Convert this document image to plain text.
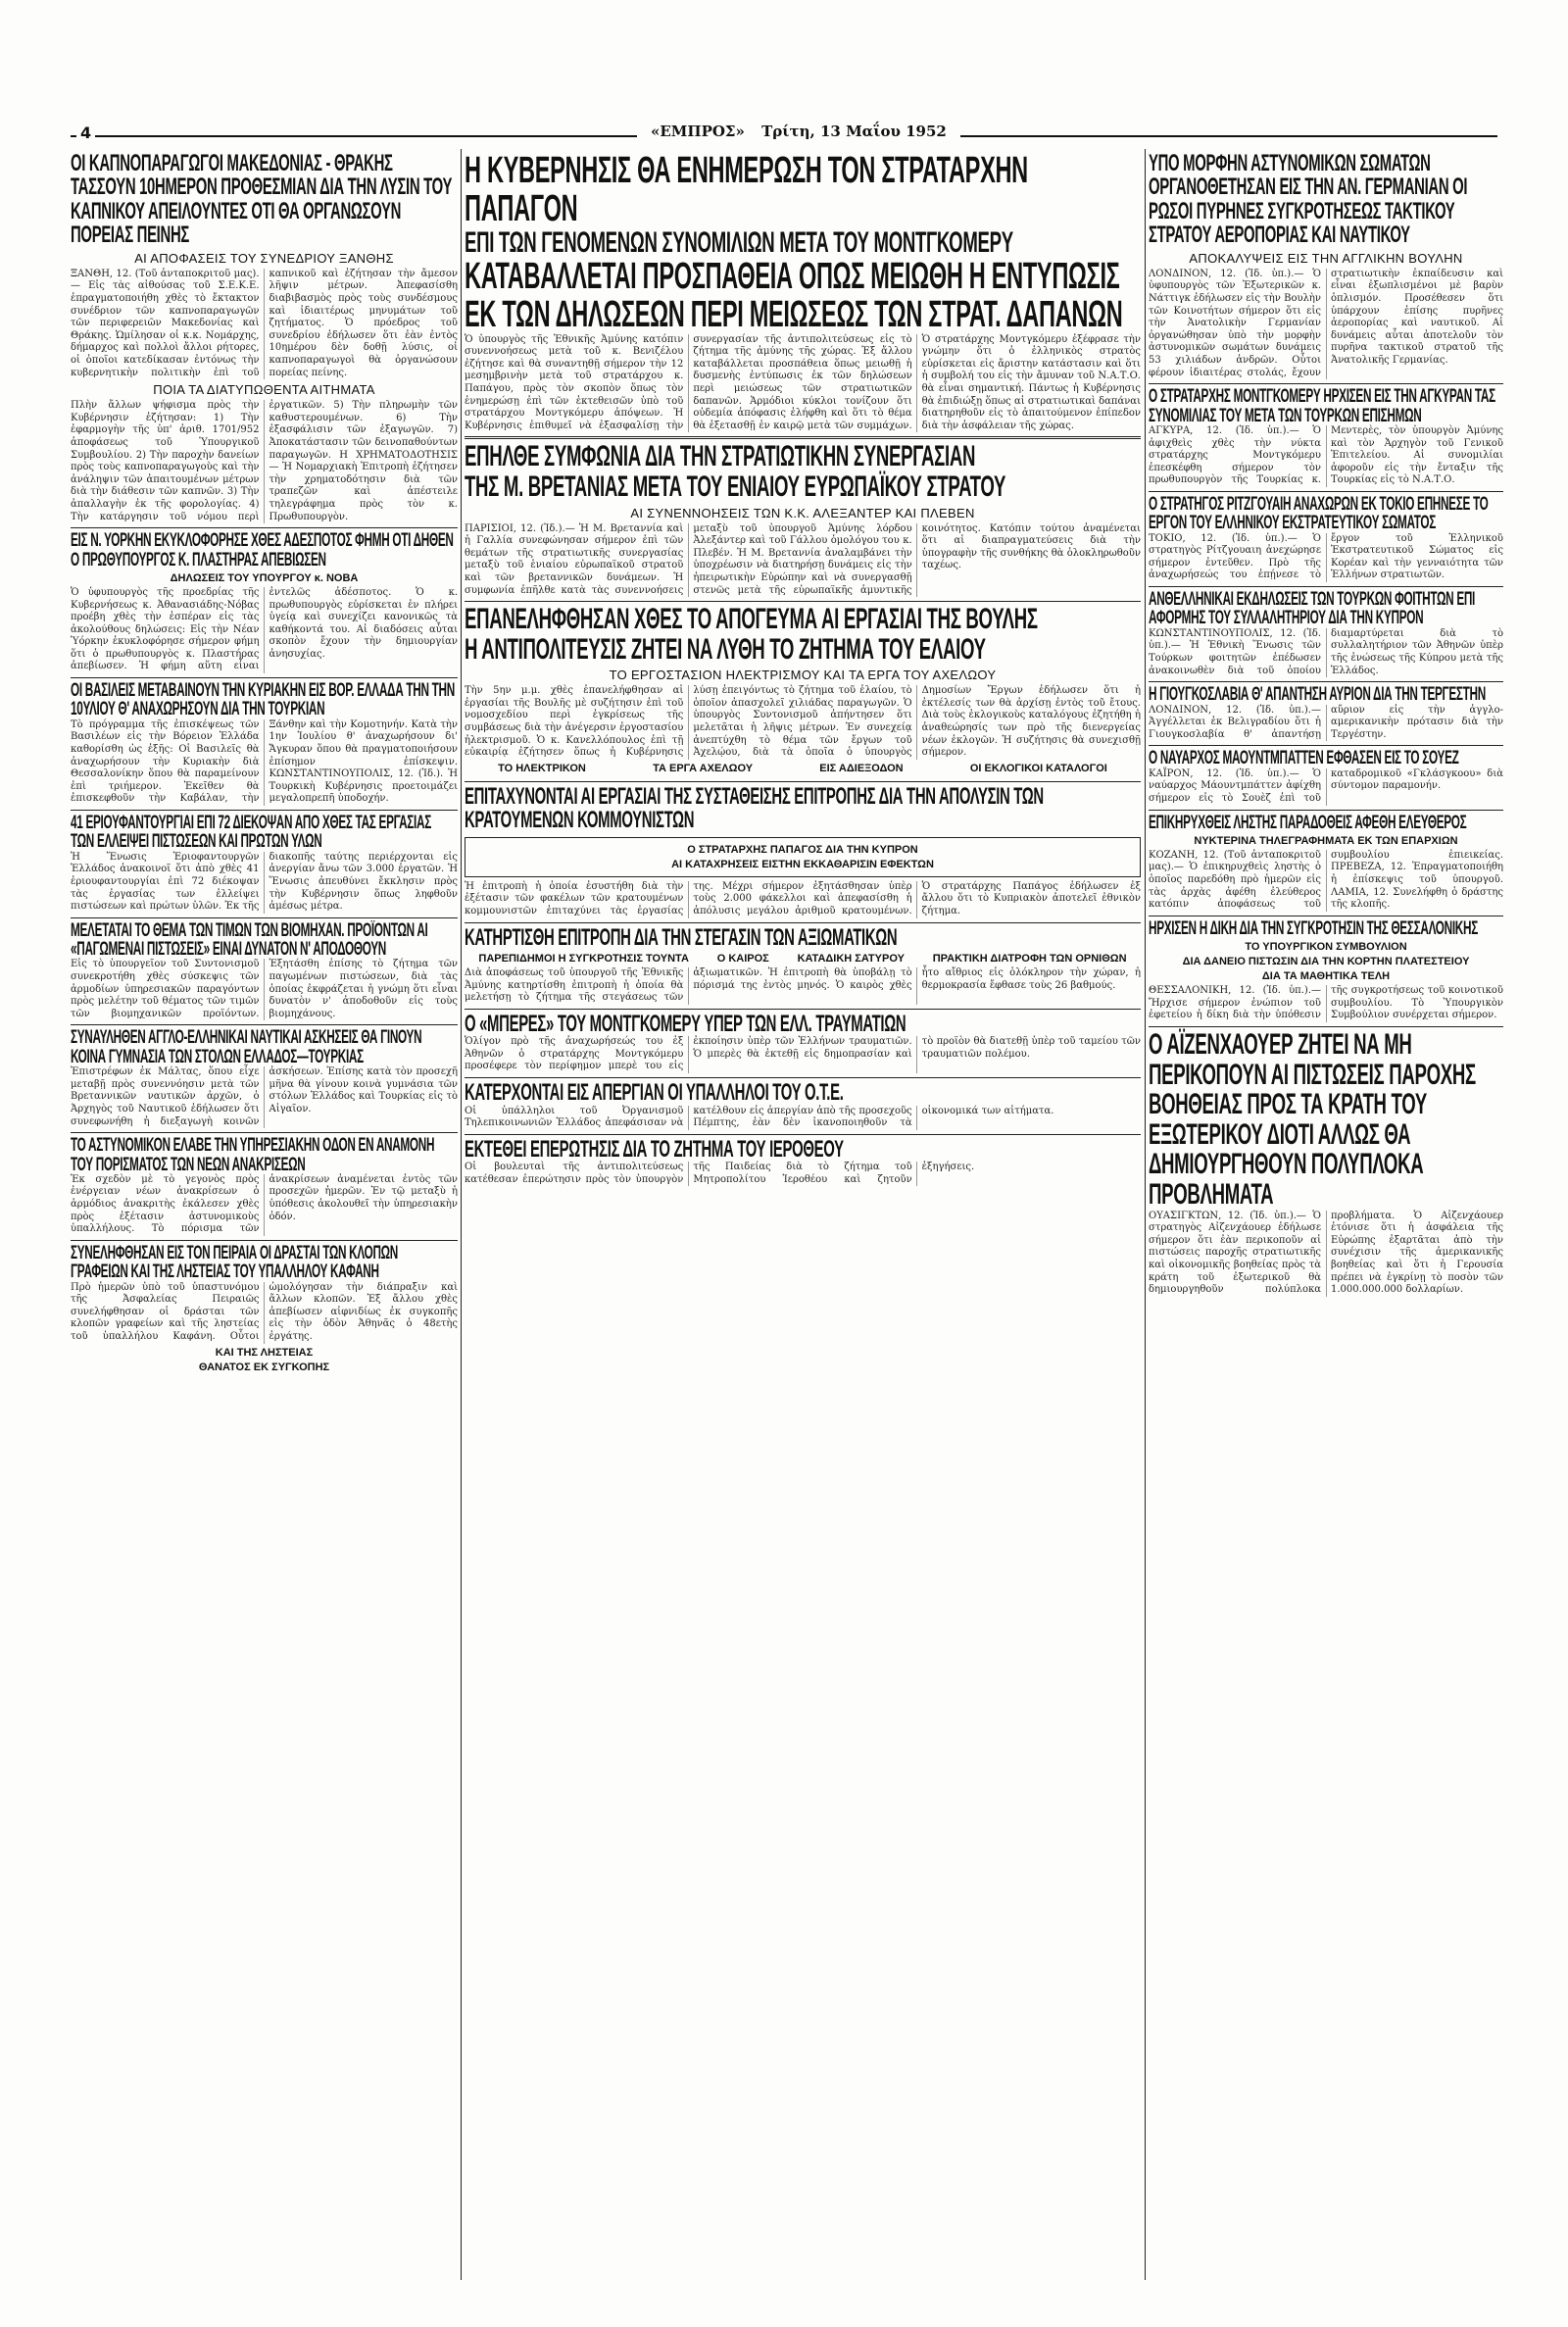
4	«ΕΜΠΡΟΣ» Τρίτη, 13 Μαΐου 1952
ΟΙ ΚΑΠΝΟΠΑΡΑΓΩΓΟΙ ΜΑΚΕΔΟΝΙΑΣ - ΘΡΑΚΗΣ ΤΑΣΣΟΥΝ 10ΗΜΕΡΟΝ ΠΡΟΘΕΣΜΙΑΝ ΔΙΑ ΤΗΝ ΛΥΣΙΝ ΤΟΥ ΚΑΠΝΙΚΟΥ ΑΠΕΙΛΟΥΝΤΕΣ ΟΤΙ ΘΑ ΟΡΓΑΝΩΣΟΥΝ ΠΟΡΕΙΑΣ ΠΕΙΝΗΣ
ΑΙ ΑΠΟΦΑΣΕΙΣ ΤΟΥ ΣΥΝΕΔΡΙΟΥ ΞΑΝΘΗΣ
ΞΑΝΘΗ, 12. (Τοῦ ἀνταποκριτοῦ μας).— Εἰς τὰς αἰθούσας τοῦ Σ.Ε.Κ.Ε. ἐπραγματοποιήθη χθὲς τὸ ἔκτακτον συνέδριον τῶν καπνοπαραγωγῶν τῶν περιφερειῶν Μακεδονίας καὶ Θράκης. Ὡμίλησαν οἱ κ.κ. Νομάρχης, δήμαρχος καὶ πολλοὶ ἄλλοι ρήτορες, οἱ ὁποῖοι κατεδίκασαν ἐντόνως τὴν κυβερνητικὴν πολιτικὴν ἐπὶ τοῦ καπνικοῦ καὶ ἐζήτησαν τὴν ἄμεσον λῆψιν μέτρων. Ἀπεφασίσθη διαβιβασμὸς πρὸς τοὺς συνδέσμους καὶ ἰδιαιτέρως μηνυμάτων τοῦ ζητήματος. Ὁ πρόεδρος τοῦ συνεδρίου ἐδήλωσεν ὅτι ἐὰν ἐντὸς 10ημέρου δὲν δοθῇ λύσις, οἱ καπνοπαραγωγοὶ θὰ ὀργανώσουν πορείας πείνης.
ΠΟΙΑ ΤΑ ΔΙΑΤΥΠΩΘΕΝΤΑ ΑΙΤΗΜΑΤΑ
Πλὴν ἄλλων ψήφισμα πρὸς τὴν Κυβέρνησιν ἐζήτησαν: 1) Τὴν ἐφαρμογὴν τῆς ὑπ' ἀριθ. 1701/952 ἀποφάσεως τοῦ Ὑπουργικοῦ Συμβουλίου. 2) Τὴν παροχὴν δανείων πρὸς τοὺς καπνοπαραγωγοὺς καὶ τὴν ἀνάληψιν τῶν ἀπαιτουμένων μέτρων διὰ τὴν διάθεσιν τῶν καπνῶν. 3) Τὴν ἀπαλλαγὴν ἐκ τῆς φορολογίας. 4) Τὴν κατάργησιν τοῦ νόμου περὶ ἐργατικῶν. 5) Τὴν πληρωμὴν τῶν καθυστερουμένων. 6) Τὴν ἐξασφάλισιν τῶν ἐξαγωγῶν. 7) Ἀποκατάστασιν τῶν δεινοπαθούντων παραγωγῶν. Η ΧΡΗΜΑΤΟΔΟΤΗΣΙΣ — Ἡ Νομαρχιακὴ Ἐπιτροπὴ ἐζήτησεν τὴν χρηματοδότησιν διὰ τῶν τραπεζῶν καὶ ἀπέστειλε τηλεγράφημα πρὸς τὸν κ. Πρωθυπουργὸν.
ΕΙΣ Ν. ΥΟΡΚΗΝ ΕΚΥΚΛΟΦΟΡΗΣΕ ΧΘΕΣ ΑΔΕΣΠΟΤΟΣ ΦΗΜΗ ΟΤΙ ΔΗΘΕΝ Ο ΠΡΩΘΥΠΟΥΡΓΟΣ Κ. ΠΛΑΣΤΗΡΑΣ ΑΠΕΒΙΩΣΕΝ
ΔΗΛΩΣΕΙΣ ΤΟΥ ΥΠΟΥΡΓΟΥ κ. ΝΟΒΑ
Ὁ ὑφυπουργὸς τῆς προεδρίας τῆς Κυβερνήσεως κ. Ἀθανασιάδης-Νόβας προέβη χθὲς τὴν ἑσπέραν εἰς τὰς ἀκολούθους δηλώσεις: Εἰς τὴν Νέαν Ὑόρκην ἐκυκλοφόρησε σήμερον φήμη ὅτι ὁ πρωθυπουργὸς κ. Πλαστήρας ἀπεβίωσεν. Ἡ φήμη αὕτη εἶναι ἐντελῶς ἀδέσποτος. Ὁ κ. πρωθυπουργὸς εὑρίσκεται ἐν πλήρει ὑγείᾳ καὶ συνεχίζει κανονικῶς τὰ καθήκοντά του. Αἱ διαδόσεις αὗται σκοπὸν ἔχουν τὴν δημιουργίαν ἀνησυχίας.
ΟΙ ΒΑΣΙΛΕΙΣ ΜΕΤΑΒΑΙΝΟΥΝ ΤΗΝ ΚΥΡΙΑΚΗΝ ΕΙΣ ΒΟΡ. ΕΛΛΑΔΑ ΤΗΝ ΤΗΝ 10ΥΛΙΟΥ Θ' ΑΝΑΧΩΡΗΣΟΥΝ ΔΙΑ ΤΗΝ ΤΟΥΡΚΙΑΝ
Τὸ πρόγραμμα τῆς ἐπισκέψεως τῶν Βασιλέων εἰς τὴν Βόρειον Ἑλλάδα καθορίσθη ὡς ἑξῆς: Οἱ Βασιλεῖς θὰ ἀναχωρήσουν τὴν Κυριακὴν διὰ Θεσσαλονίκην ὅπου θὰ παραμείνουν ἐπὶ τριήμερον. Ἐκεῖθεν θὰ ἐπισκεφθοῦν τὴν Καβάλαν, τὴν Ξάνθην καὶ τὴν Κομοτηνήν. Κατὰ τὴν 1ην Ἰουλίου θ' ἀναχωρήσουν δι' Ἄγκυραν ὅπου θὰ πραγματοποιήσουν ἐπίσημον ἐπίσκεψιν. ΚΩΝΣΤΑΝΤΙΝΟΥΠΟΛΙΣ, 12. (Ἰδ.). Ἡ Τουρκικὴ Κυβέρνησις προετοιμάζει μεγαλοπρεπῆ ὑποδοχήν.
41 ΕΡΙΟΥΦΑΝΤΟΥΡΓΙΑΙ ΕΠΙ 72 ΔΙΕΚΟΨΑΝ ΑΠΟ ΧΘΕΣ ΤΑΣ ΕΡΓΑΣΙΑΣ ΤΩΝ ΕΛΛΕΙΨΕΙ ΠΙΣΤΩΣΕΩΝ ΚΑΙ ΠΡΩΤΩΝ ΥΛΩΝ
Ἡ Ἕνωσις Ἐριοφαντουργῶν Ἑλλάδος ἀνακοινοῖ ὅτι ἀπὸ χθὲς 41 ἐριουφαντουργίαι ἐπὶ 72 διέκοψαν τὰς ἐργασίας των ἐλλείψει πιστώσεων καὶ πρώτων ὑλῶν. Ἐκ τῆς διακοπῆς ταύτης περιέρχονται εἰς ἀνεργίαν ἄνω τῶν 3.000 ἐργατῶν. Ἡ Ἕνωσις ἀπευθύνει ἔκκλησιν πρὸς τὴν Κυβέρνησιν ὅπως ληφθοῦν ἀμέσως μέτρα.
ΜΕΛΕΤΑΤΑΙ ΤΟ ΘΕΜΑ ΤΩΝ ΤΙΜΩΝ ΤΩΝ ΒΙΟΜΗΧΑΝ. ΠΡΟΪΟΝΤΩΝ ΑΙ «ΠΑΓΩΜΕΝΑΙ ΠΙΣΤΩΣΕΙΣ» ΕΙΝΑΙ ΔΥΝΑΤΟΝ Ν' ΑΠΟΔΟΘΟΥΝ
Εἰς τὸ ὑπουργεῖον τοῦ Συντονισμοῦ συνεκροτήθη χθὲς σύσκεψις τῶν ἁρμοδίων ὑπηρεσιακῶν παραγόντων πρὸς μελέτην τοῦ θέματος τῶν τιμῶν τῶν βιομηχανικῶν προϊόντων. Ἐξητάσθη ἐπίσης τὸ ζήτημα τῶν παγωμένων πιστώσεων, διὰ τὰς ὁποίας ἐκφράζεται ἡ γνώμη ὅτι εἶναι δυνατὸν ν' ἀποδοθοῦν εἰς τοὺς βιομηχάνους.
ΣΥΝΑΥΛΗΘΕΝ ΑΓΓΛΟ-ΕΛΛΗΝΙΚΑΙ ΝΑΥΤΙΚΑΙ ΑΣΚΗΣΕΙΣ ΘΑ ΓΙΝΟΥΝ ΚΟΙΝΑ ΓΥΜΝΑΣΙΑ ΤΩΝ ΣΤΟΛΩΝ ΕΛΛΑΔΟΣ—ΤΟΥΡΚΙΑΣ
Ἐπιστρέφων ἐκ Μάλτας, ὅπου εἶχε μεταβῇ πρὸς συνεννόησιν μετὰ τῶν Βρεταννικῶν ναυτικῶν ἀρχῶν, ὁ Ἀρχηγὸς τοῦ Ναυτικοῦ ἐδήλωσεν ὅτι συνεφωνήθη ἡ διεξαγωγὴ κοινῶν ἀσκήσεων. Ἐπίσης κατὰ τὸν προσεχῆ μῆνα θὰ γίνουν κοινὰ γυμνάσια τῶν στόλων Ἑλλάδος καὶ Τουρκίας εἰς τὸ Αἰγαῖον.
ΤΟ ΑΣΤΥΝΟΜΙΚΟΝ ΕΛΑΒΕ ΤΗΝ ΥΠΗΡΕΣΙΑΚΗΝ ΟΔΟΝ ΕΝ ΑΝΑΜΟΝΗ ΤΟΥ ΠΟΡΙΣΜΑΤΟΣ ΤΩΝ ΝΕΩΝ ΑΝΑΚΡΙΣΕΩΝ
Ἐκ σχεδὸν μὲ τὸ γεγονὸς πρὸς ἐνέργειαν νέων ἀνακρίσεων ὁ ἁρμόδιος ἀνακριτὴς ἐκάλεσεν χθὲς πρὸς ἐξέτασιν ἀστυνομικοὺς ὑπαλλήλους. Τὸ πόρισμα τῶν ἀνακρίσεων ἀναμένεται ἐντὸς τῶν προσεχῶν ἡμερῶν. Ἐν τῷ μεταξὺ ἡ ὑπόθεσις ἀκολουθεῖ τὴν ὑπηρεσιακὴν ὁδόν.
ΣΥΝΕΛΗΦΘΗΣΑΝ ΕΙΣ ΤΟΝ ΠΕΙΡΑΙΑ ΟΙ ΔΡΑΣΤΑΙ ΤΩΝ ΚΛΟΠΩΝ ΓΡΑΦΕΙΩΝ ΚΑΙ ΤΗΣ ΛΗΣΤΕΙΑΣ ΤΟΥ ΥΠΑΛΛΗΛΟΥ ΚΑΦΑΝΗ
Πρὸ ἡμερῶν ὑπὸ τοῦ ὑπαστυνόμου τῆς Ἀσφαλείας Πειραιῶς συνελήφθησαν οἱ δράσται τῶν κλοπῶν γραφείων καὶ τῆς ληστείας τοῦ ὑπαλλήλου Καφάνη. Οὗτοι ὡμολόγησαν τὴν διάπραξιν καὶ ἄλλων κλοπῶν. Ἐξ ἄλλου χθὲς ἀπεβίωσεν αἰφνιδίως ἐκ συγκοπῆς εἰς τὴν ὁδὸν Ἀθηνᾶς ὁ 48ετὴς ἐργάτης.
ΚΑΙ ΤΗΣ ΛΗΣΤΕΙΑΣ
ΘΑΝΑΤΟΣ ΕΚ ΣΥΓΚΟΠΗΣ
Η ΚΥΒΕΡΝΗΣΙΣ ΘΑ ΕΝΗΜΕΡΩΣΗ ΤΟΝ ΣΤΡΑΤΑΡΧΗΝ ΠΑΠΑΓΟΝ
ΕΠΙ ΤΩΝ ΓΕΝΟΜΕΝΩΝ ΣΥΝΟΜΙΛΙΩΝ ΜΕΤΑ ΤΟΥ ΜΟΝΤΓΚΟΜΕΡΥ
ΚΑΤΑΒΑΛΛΕΤΑΙ ΠΡΟΣΠΑΘΕΙΑ ΟΠΩΣ ΜΕΙΩΘΗ Η ΕΝΤΥΠΩΣΙΣ
ΕΚ ΤΩΝ ΔΗΛΩΣΕΩΝ ΠΕΡΙ ΜΕΙΩΣΕΩΣ ΤΩΝ ΣΤΡΑΤ. ΔΑΠΑΝΩΝ
Ὁ ὑπουργὸς τῆς Ἐθνικῆς Ἀμύνης κατόπιν συνεννοήσεως μετὰ τοῦ κ. Βενιζέλου ἐζήτησε καὶ θὰ συναντηθῇ σήμερον τὴν 12 μεσημβρινὴν μετὰ τοῦ στρατάρχου κ. Παπάγου, πρὸς τὸν σκοπὸν ὅπως τὸν ἐνημερώσῃ ἐπὶ τῶν ἐκτεθεισῶν ὑπὸ τοῦ στρατάρχου Μοντγκόμερυ ἀπόψεων. Ἡ Κυβέρνησις ἐπιθυμεῖ νὰ ἐξασφαλίσῃ τὴν συνεργασίαν τῆς ἀντιπολιτεύσεως εἰς τὸ ζήτημα τῆς ἀμύνης τῆς χώρας. Ἐξ ἄλλου καταβάλλεται προσπάθεια ὅπως μειωθῇ ἡ δυσμενὴς ἐντύπωσις ἐκ τῶν δηλώσεων περὶ μειώσεως τῶν στρατιωτικῶν δαπανῶν. Ἁρμόδιοι κύκλοι τονίζουν ὅτι οὐδεμία ἀπόφασις ἐλήφθη καὶ ὅτι τὸ θέμα θὰ ἐξετασθῇ ἐν καιρῷ μετὰ τῶν συμμάχων. Ὁ στρατάρχης Μοντγκόμερυ ἐξέφρασε τὴν γνώμην ὅτι ὁ ἑλληνικὸς στρατὸς εὑρίσκεται εἰς ἄριστην κατάστασιν καὶ ὅτι ἡ συμβολή του εἰς τὴν ἄμυναν τοῦ Ν.Α.Τ.Ο. θὰ εἶναι σημαντική. Πάντως ἡ Κυβέρνησις θὰ ἐπιδιώξῃ ὅπως αἱ στρατιωτικαὶ δαπάναι διατηρηθοῦν εἰς τὸ ἀπαιτούμενον ἐπίπεδον διὰ τὴν ἀσφάλειαν τῆς χώρας.
ΕΠΗΛΘΕ ΣΥΜΦΩΝΙΑ ΔΙΑ ΤΗΝ ΣΤΡΑΤΙΩΤΙΚΗΝ ΣΥΝΕΡΓΑΣΙΑΝ
ΤΗΣ Μ. ΒΡΕΤΑΝΙΑΣ ΜΕΤΑ ΤΟΥ ΕΝΙΑΙΟΥ ΕΥΡΩΠΑΪΚΟΥ ΣΤΡΑΤΟΥ
ΑΙ ΣΥΝΕΝΝΟΗΣΕΙΣ ΤΩΝ Κ.Κ. ΑΛΕΞΑΝΤΕΡ ΚΑΙ ΠΛΕΒΕΝ
ΠΑΡΙΣΙΟΙ, 12. (Ἰδ.).— Ἡ Μ. Βρεταννία καὶ ἡ Γαλλία συνεφώνησαν σήμερον ἐπὶ τῶν θεμάτων τῆς στρατιωτικῆς συνεργασίας μεταξὺ τοῦ ἑνιαίου εὐρωπαϊκοῦ στρατοῦ καὶ τῶν βρεταννικῶν δυνάμεων. Ἡ συμφωνία ἐπῆλθε κατὰ τὰς συνεννοήσεις μεταξὺ τοῦ ὑπουργοῦ Ἀμύνης λόρδου Ἀλεξάντερ καὶ τοῦ Γάλλου ὁμολόγου του κ. Πλεβέν. Ἡ Μ. Βρεταννία ἀναλαμβάνει τὴν ὑποχρέωσιν νὰ διατηρήσῃ δυνάμεις εἰς τὴν ἠπειρωτικὴν Εὐρώπην καὶ νὰ συνεργασθῇ στενῶς μετὰ τῆς εὐρωπαϊκῆς ἀμυντικῆς κοινότητος. Κατόπιν τούτου ἀναμένεται ὅτι αἱ διαπραγματεύσεις διὰ τὴν ὑπογραφὴν τῆς συνθήκης θὰ ὁλοκληρωθοῦν ταχέως.
ΕΠΑΝΕΛΗΦΘΗΣΑΝ ΧΘΕΣ ΤΟ ΑΠΟΓΕΥΜΑ ΑΙ ΕΡΓΑΣΙΑΙ ΤΗΣ ΒΟΥΛΗΣ
Η ΑΝΤΙΠΟΛΙΤΕΥΣΙΣ ΖΗΤΕΙ ΝΑ ΛΥΘΗ ΤΟ ΖΗΤΗΜΑ ΤΟΥ ΕΛΑΙΟΥ
ΤΟ ΕΡΓΟΣΤΑΣΙΟΝ ΗΛΕΚΤΡΙΣΜΟΥ ΚΑΙ ΤΑ ΕΡΓΑ ΤΟΥ ΑΧΕΛΩΟΥ
Τὴν 5ην μ.μ. χθὲς ἐπανελήφθησαν αἱ ἐργασίαι τῆς Βουλῆς μὲ συζήτησιν ἐπὶ τοῦ νομοσχεδίου περὶ ἐγκρίσεως τῆς συμβάσεως διὰ τὴν ἀνέγερσιν ἐργοστασίου ἠλεκτρισμοῦ. Ὁ κ. Κανελλόπουλος ἐπὶ τῇ εὐκαιρίᾳ ἐζήτησεν ὅπως ἡ Κυβέρνησις λύσῃ ἐπειγόντως τὸ ζήτημα τοῦ ἐλαίου, τὸ ὁποῖον ἀπασχολεῖ χιλιάδας παραγωγῶν. Ὁ ὑπουργὸς Συντονισμοῦ ἀπήντησεν ὅτι μελετᾶται ἡ λῆψις μέτρων. Ἐν συνεχείᾳ ἀνεπτύχθη τὸ θέμα τῶν ἔργων τοῦ Ἀχελῴου, διὰ τὰ ὁποῖα ὁ ὑπουργὸς Δημοσίων Ἔργων ἐδήλωσεν ὅτι ἡ ἐκτέλεσίς των θὰ ἀρχίσῃ ἐντὸς τοῦ ἔτους. Διὰ τοὺς ἐκλογικοὺς καταλόγους ἐζητήθη ἡ ἀναθεώρησίς των πρὸ τῆς διενεργείας νέων ἐκλογῶν. Ἡ συζήτησις θὰ συνεχισθῇ σήμερον.
ΤΟ ΗΛΕΚΤΡΙΚΟΝ	ΤΑ ΕΡΓΑ ΑΧΕΛΩΟΥ	ΕΙΣ ΑΔΙΕΞΟΔΟΝ	ΟΙ ΕΚΛΟΓΙΚΟΙ ΚΑΤΑΛΟΓΟΙ
ΕΠΙΤΑΧΥΝΟΝΤΑΙ ΑΙ ΕΡΓΑΣΙΑΙ ΤΗΣ ΣΥΣΤΑΘΕΙΣΗΣ ΕΠΙΤΡΟΠΗΣ ΔΙΑ ΤΗΝ ΑΠΟΛΥΣΙΝ ΤΩΝ ΚΡΑΤΟΥΜΕΝΩΝ ΚΟΜΜΟΥΝΙΣΤΩΝ
Ο ΣΤΡΑΤΑΡΧΗΣ ΠΑΠΑΓΟΣ ΔΙΑ ΤΗΝ ΚΥΠΡΟΝ
ΑΙ ΚΑΤΑΧΡΗΣΕΙΣ ΕΙΣΤΗΝ ΕΚΚΑΘΑΡΙΣΙΝ ΕΦΕΚΤΩΝ
Ἡ ἐπιτροπὴ ἡ ὁποία ἐσυστήθη διὰ τὴν ἐξέτασιν τῶν φακέλων τῶν κρατουμένων κομμουνιστῶν ἐπιταχύνει τὰς ἐργασίας της. Μέχρι σήμερον ἐξητάσθησαν ὑπὲρ τοὺς 2.000 φάκελλοι καὶ ἀπεφασίσθη ἡ ἀπόλυσις μεγάλου ἀριθμοῦ κρατουμένων. Ὁ στρατάρχης Παπάγος ἐδήλωσεν ἐξ ἄλλου ὅτι τὸ Κυπριακὸν ἀποτελεῖ ἐθνικὸν ζήτημα.
ΚΑΤΗΡΤΙΣΘΗ ΕΠΙΤΡΟΠΗ ΔΙΑ ΤΗΝ ΣΤΕΓΑΣΙΝ ΤΩΝ ΑΞΙΩΜΑΤΙΚΩΝ
ΠΑΡΕΠΙΔΗΜΟΙ Η ΣΥΓΚΡΟΤΗΣΙΣ ΤΟΥΝΤΑ	Ο ΚΑΙΡΟΣ	ΚΑΤΑΔΙΚΗ ΣΑΤΥΡΟΥ	ΠΡΑΚΤΙΚΗ ΔΙΑΤΡΟΦΗ ΤΩΝ ΟΡΝΙΘΩΝ
Διὰ ἀποφάσεως τοῦ ὑπουργοῦ τῆς Ἐθνικῆς Ἀμύνης κατηρτίσθη ἐπιτροπὴ ἡ ὁποία θὰ μελετήσῃ τὸ ζήτημα τῆς στεγάσεως τῶν ἀξιωματικῶν. Ἡ ἐπιτροπὴ θὰ ὑποβάλῃ τὸ πόρισμά της ἐντὸς μηνός. Ὁ καιρὸς χθὲς ἦτο αἴθριος εἰς ὁλόκληρον τὴν χώραν, ἡ θερμοκρασία ἔφθασε τοὺς 26 βαθμούς.
Ο «ΜΠΕΡΕΣ» ΤΟΥ ΜΟΝΤΓΚΟΜΕΡΥ ΥΠΕΡ ΤΩΝ ΕΛΛ. ΤΡΑΥΜΑΤΙΩΝ
Ὁλίγον πρὸ τῆς ἀναχωρήσεώς του ἐξ Ἀθηνῶν ὁ στρατάρχης Μοντγκόμερυ προσέφερε τὸν περίφημον μπερὲ του εἰς ἐκποίησιν ὑπὲρ τῶν Ἑλλήνων τραυματιῶν. Ὁ μπερὲς θὰ ἐκτεθῇ εἰς δημοπρασίαν καὶ τὸ προϊὸν θὰ διατεθῇ ὑπὲρ τοῦ ταμείου τῶν τραυματιῶν πολέμου.
ΚΑΤΕΡΧΟΝΤΑΙ ΕΙΣ ΑΠΕΡΓΙΑΝ ΟΙ ΥΠΑΛΛΗΛΟΙ ΤΟΥ Ο.Τ.Ε.
Οἱ ὑπάλληλοι τοῦ Ὀργανισμοῦ Τηλεπικοινωνιῶν Ἑλλάδος ἀπεφάσισαν νὰ κατέλθουν εἰς ἀπεργίαν ἀπὸ τῆς προσεχοῦς Πέμπτης, ἐὰν δὲν ἱκανοποιηθοῦν τὰ οἰκονομικά των αἰτήματα.
ΕΚΤΕΘΕΙ ΕΠΕΡΩΤΗΣΙΣ ΔΙΑ ΤΟ ΖΗΤΗΜΑ ΤΟΥ ΙΕΡΟΘΕΟΥ
Οἱ βουλευταὶ τῆς ἀντιπολιτεύσεως κατέθεσαν ἐπερώτησιν πρὸς τὸν ὑπουργὸν τῆς Παιδείας διὰ τὸ ζήτημα τοῦ Μητροπολίτου Ἱεροθέου καὶ ζητοῦν ἐξηγήσεις.
ΥΠΟ ΜΟΡΦΗΝ ΑΣΤΥΝΟΜΙΚΩΝ ΣΩΜΑΤΩΝ ΟΡΓΑΝΟΘΕΤΗΣΑΝ ΕΙΣ ΤΗΝ ΑΝ. ΓΕΡΜΑΝΙΑΝ ΟΙ ΡΩΣΟΙ ΠΥΡΗΝΕΣ ΣΥΓΚΡΟΤΗΣΕΩΣ ΤΑΚΤΙΚΟΥ ΣΤΡΑΤΟΥ ΑΕΡΟΠΟΡΙΑΣ ΚΑΙ ΝΑΥΤΙΚΟΥ
ΑΠΟΚΑΛΥΨΕΙΣ ΕΙΣ ΤΗΝ ΑΓΓΛΙΚΗΝ ΒΟΥΛΗΝ
ΛΟΝΔΙΝΟΝ, 12. (Ἰδ. ὑπ.).— Ὁ ὑφυπουργὸς τῶν Ἐξωτερικῶν κ. Νάττιγκ ἐδήλωσεν εἰς τὴν Βουλὴν τῶν Κοινοτήτων σήμερον ὅτι εἰς τὴν Ἀνατολικὴν Γερμανίαν ὀργανώθησαν ὑπὸ τὴν μορφὴν ἀστυνομικῶν σωμάτων δυνάμεις 53 χιλιάδων ἀνδρῶν. Οὗτοι φέρουν ἰδιαιτέρας στολάς, ἔχουν στρατιωτικὴν ἐκπαίδευσιν καὶ εἶναι ἐξωπλισμένοι μὲ βαρὺν ὁπλισμόν. Προσέθεσεν ὅτι ὑπάρχουν ἐπίσης πυρῆνες ἀεροπορίας καὶ ναυτικοῦ. Αἱ δυνάμεις αὗται ἀποτελοῦν τὸν πυρῆνα τακτικοῦ στρατοῦ τῆς Ἀνατολικῆς Γερμανίας.
Ο ΣΤΡΑΤΑΡΧΗΣ ΜΟΝΤΓΚΟΜΕΡΥ ΗΡΧΙΣΕΝ ΕΙΣ ΤΗΝ ΑΓΚΥΡΑΝ ΤΑΣ ΣΥΝΟΜΙΛΙΑΣ ΤΟΥ ΜΕΤΑ ΤΩΝ ΤΟΥΡΚΩΝ ΕΠΙΣΗΜΩΝ
ΑΓΚΥΡΑ, 12. (Ἰδ. ὑπ.).— Ὁ ἀφιχθεὶς χθὲς τὴν νύκτα στρατάρχης Μοντγκόμερυ ἐπεσκέφθη σήμερον τὸν πρωθυπουργὸν τῆς Τουρκίας κ. Μεντερὲς, τὸν ὑπουργὸν Ἀμύνης καὶ τὸν Ἀρχηγὸν τοῦ Γενικοῦ Ἐπιτελείου. Αἱ συνομιλίαι ἀφοροῦν εἰς τὴν ἔνταξιν τῆς Τουρκίας εἰς τὸ Ν.Α.Τ.Ο.
Ο ΣΤΡΑΤΗΓΟΣ ΡΙΤΖΓΟΥΑΙΗ ΑΝΑΧΩΡΩΝ ΕΚ ΤΟΚΙΟ ΕΠΗΝΕΣΕ ΤΟ ΕΡΓΟΝ ΤΟΥ ΕΛΛΗΝΙΚΟΥ ΕΚΣΤΡΑΤΕΥΤΙΚΟΥ ΣΩΜΑΤΟΣ
ΤΟΚΙΟ, 12. (Ἰδ. ὑπ.).— Ὁ στρατηγὸς Ρίτζγουαιη ἀνεχώρησε σήμερον ἐντεῦθεν. Πρὸ τῆς ἀναχωρήσεώς του ἐπῄνεσε τὸ ἔργον τοῦ Ἑλληνικοῦ Ἐκστρατευτικοῦ Σώματος εἰς Κορέαν καὶ τὴν γενναιότητα τῶν Ἑλλήνων στρατιωτῶν.
ΑΝΘΕΛΛΗΝΙΚΑΙ ΕΚΔΗΛΩΣΕΙΣ ΤΩΝ ΤΟΥΡΚΩΝ ΦΟΙΤΗΤΩΝ ΕΠΙ ΑΦΟΡΜΗΣ ΤΟΥ ΣΥΛΛΑΛΗΤΗΡΙΟΥ ΔΙΑ ΤΗΝ ΚΥΠΡΟΝ
ΚΩΝΣΤΑΝΤΙΝΟΥΠΟΛΙΣ, 12. (Ἰδ. ὑπ.).— Ἡ Ἐθνικὴ Ἕνωσις τῶν Τούρκων φοιτητῶν ἐπέδωσεν ἀνακοινωθὲν διὰ τοῦ ὁποίου διαμαρτύρεται διὰ τὸ συλλαλητήριον τῶν Ἀθηνῶν ὑπὲρ τῆς ἑνώσεως τῆς Κύπρου μετὰ τῆς Ἑλλάδος.
Η ΓΙΟΥΓΚΟΣΛΑΒΙΑ Θ' ΑΠΑΝΤΗΣΗ ΑΥΡΙΟΝ ΔΙΑ ΤΗΝ ΤΕΡΓΕΣΤΗΝ
ΛΟΝΔΙΝΟΝ, 12. (Ἰδ. ὑπ.).— Ἀγγέλλεται ἐκ Βελιγραδίου ὅτι ἡ Γιουγκοσλαβία θ' ἀπαντήσῃ αὔριον εἰς τὴν ἀγγλο-αμερικανικὴν πρότασιν διὰ τὴν Τεργέστην.
Ο ΝΑΥΑΡΧΟΣ ΜΑΟΥΝΤΜΠΑΤΤΕΝ ΕΦΘΑΣΕΝ ΕΙΣ ΤΟ ΣΟΥΕΖ
ΚΑΪΡΟΝ, 12. (Ἰδ. ὑπ.).— Ὁ ναύαρχος Μάουντμπάττεν ἀφίχθη σήμερον εἰς τὸ Σουὲζ ἐπὶ τοῦ καταδρομικοῦ «Γκλάσγκοου» διὰ σύντομον παραμονήν.
ΕΠΙΚΗΡΥΧΘΕΙΣ ΛΗΣΤΗΣ ΠΑΡΑΔΟΘΕΙΣ ΑΦΕΘΗ ΕΛΕΥΘΕΡΟΣ
ΝΥΚΤΕΡΙΝΑ ΤΗΛΕΓΡΑΦΗΜΑΤΑ ΕΚ ΤΩΝ ΕΠΑΡΧΙΩΝ
ΚΟΖΑΝΗ, 12. (Τοῦ ἀνταποκριτοῦ μας).— Ὁ ἐπικηρυχθεὶς ληστὴς ὁ ὁποῖος παρεδόθη πρὸ ἡμερῶν εἰς τὰς ἀρχὰς ἀφέθη ἐλεύθερος κατόπιν ἀποφάσεως τοῦ συμβουλίου ἐπιεικείας. ΠΡΕΒΕΖΑ, 12. Ἐπραγματοποιήθη ἡ ἐπίσκεψις τοῦ ὑπουργοῦ. ΛΑΜΙΑ, 12. Συνελήφθη ὁ δράστης τῆς κλοπῆς.
ΗΡΧΙΣΕΝ Η ΔΙΚΗ ΔΙΑ ΤΗΝ ΣΥΓΚΡΟΤΗΣΙΝ ΤΗΣ ΘΕΣΣΑΛΟΝΙΚΗΣ
ΤΟ ΥΠΟΥΡΓΙΚΟΝ ΣΥΜΒΟΥΛΙΟΝ
ΔΙΑ ΔΑΝΕΙΟ ΠΙΣΤΩΣΙΝ ΔΙΑ ΤΗΝ ΚΟΡΤΗΝ ΠΛΑΤΕΣΤΕΙΟΥ
ΔΙΑ ΤΑ ΜΑΘΗΤΙΚΑ ΤΕΛΗ
ΘΕΣΣΑΛΟΝΙΚΗ, 12. (Ἰδ. ὑπ.).— Ἤρχισε σήμερον ἐνώπιον τοῦ ἐφετείου ἡ δίκη διὰ τὴν ὑπόθεσιν τῆς συγκροτήσεως τοῦ κοινοτικοῦ συμβουλίου. Τὸ Ὑπουργικὸν Συμβούλιον συνέρχεται σήμερον.
Ο ΑΪΖΕΝΧΑΟΥΕΡ ΖΗΤΕΙ ΝΑ ΜΗ ΠΕΡΙΚΟΠΟΥΝ ΑΙ ΠΙΣΤΩΣΕΙΣ ΠΑΡΟΧΗΣ ΒΟΗΘΕΙΑΣ ΠΡΟΣ ΤΑ ΚΡΑΤΗ ΤΟΥ ΕΞΩΤΕΡΙΚΟΥ ΔΙΟΤΙ ΑΛΛΩΣ ΘΑ ΔΗΜΙΟΥΡΓΗΘΟΥΝ ΠΟΛΥΠΛΟΚΑ ΠΡΟΒΛΗΜΑΤΑ
ΟΥΑΣΙΓΚΤΩΝ, 12. (Ἰδ. ὑπ.).— Ὁ στρατηγὸς Αἰζενχάουερ ἐδήλωσε σήμερον ὅτι ἐὰν περικοποῦν αἱ πιστώσεις παροχῆς στρατιωτικῆς καὶ οἰκονομικῆς βοηθείας πρὸς τὰ κράτη τοῦ ἐξωτερικοῦ θὰ δημιουργηθοῦν πολύπλοκα προβλήματα. Ὁ Αἰζενχάουερ ἐτόνισε ὅτι ἡ ἀσφάλεια τῆς Εὐρώπης ἐξαρτᾶται ἀπὸ τὴν συνέχισιν τῆς ἀμερικανικῆς βοηθείας καὶ ὅτι ἡ Γερουσία πρέπει νὰ ἐγκρίνῃ τὸ ποσὸν τῶν 1.000.000.000 δολλαρίων.
